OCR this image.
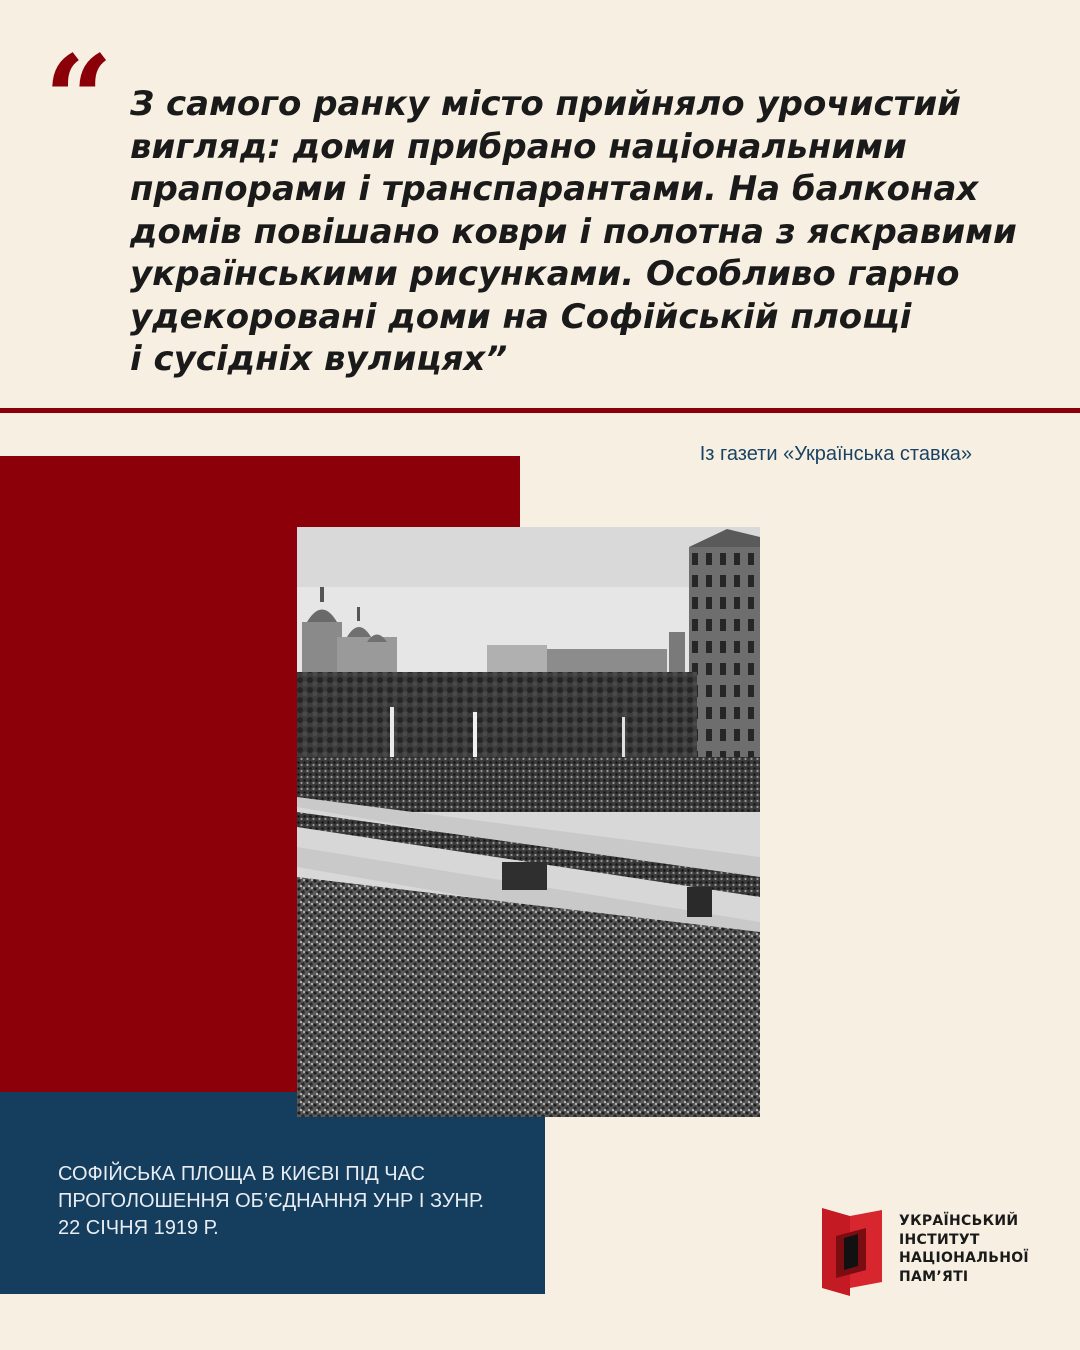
“ З самого ранку місто прийняло урочистий
вигляд: доми прибрано національними
прапорами і транспарантами. На балконах
домів повішано коври і полотна з яскравими
українськими рисунками. Особливо гарно
удекоровані доми на Софійській площі
і сусідніх вулицях”

Із газети «Українська ставка»

СОФІЙСЬКА ПЛОЩА В КИЄВІ ПІД ЧАС
ПРОГОЛОШЕННЯ ОБ’ЄДНАННЯ УНР І ЗУНР.
22 СІЧНЯ 1919 Р.	УКРАЇНСЬКИЙ
ІНСТИТУТ
НАЦІОНАЛЬНОЇ
ПАМ’ЯТІ
